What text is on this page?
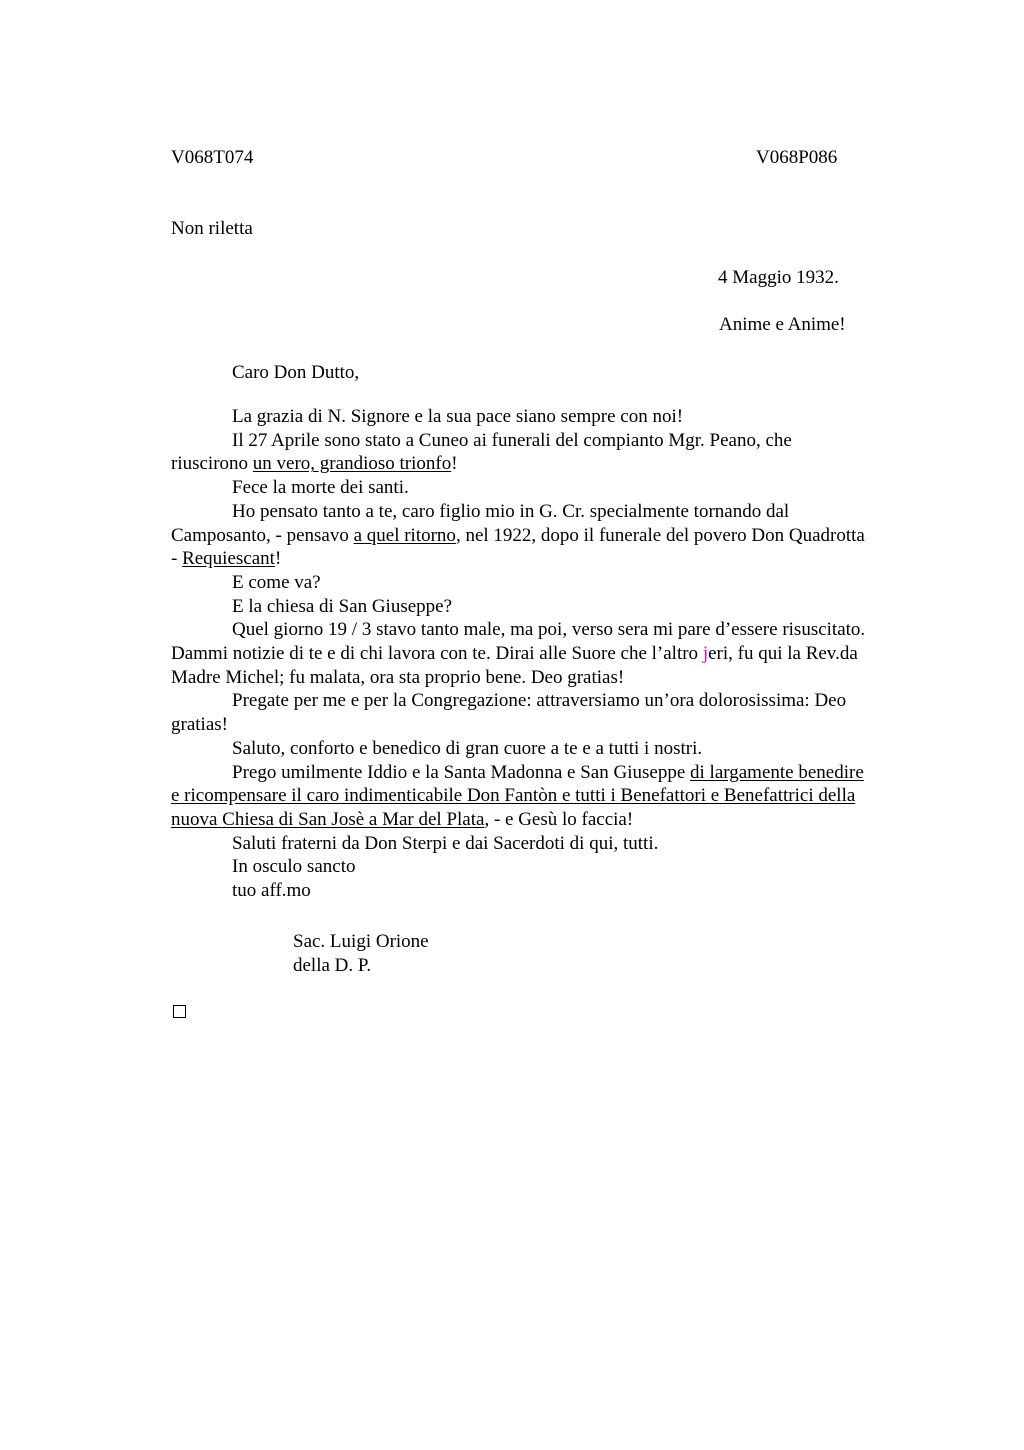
V068T074	V068P086
Non riletta
4 Maggio 1932.
Anime e Anime!
Caro Don Dutto,
La grazia di N. Signore e la sua pace siano sempre con noi!
Il 27 Aprile sono stato a Cuneo ai funerali del compianto Mgr. Peano, che
riuscirono un vero, grandioso trionfo!
Fece la morte dei santi.
Ho pensato tanto a te, caro figlio mio in G. Cr. specialmente tornando dal
Camposanto, - pensavo a quel ritorno, nel 1922, dopo il funerale del povero Don Quadrotta
- Requiescant!
E come va?
E la chiesa di San Giuseppe?
Quel giorno 19 / 3 stavo tanto male, ma poi, verso sera mi pare d’essere risuscitato.
Dammi notizie di te e di chi lavora con te. Dirai alle Suore che l’altro jeri, fu qui la Rev.da
Madre Michel; fu malata, ora sta proprio bene. Deo gratias!
Pregate per me e per la Congregazione: attraversiamo un’ora dolorosissima: Deo
gratias!
Saluto, conforto e benedico di gran cuore a te e a tutti i nostri.
Prego umilmente Iddio e la Santa Madonna e San Giuseppe di largamente benedire
e ricompensare il caro indimenticabile Don Fantòn e tutti i Benefattori e Benefattrici della
nuova Chiesa di San Josè a Mar del Plata, - e Gesù lo faccia!
Saluti fraterni da Don Sterpi e dai Sacerdoti di qui, tutti.
In osculo sancto
tuo aff.mo
Sac. Luigi Orione
della D. P.
